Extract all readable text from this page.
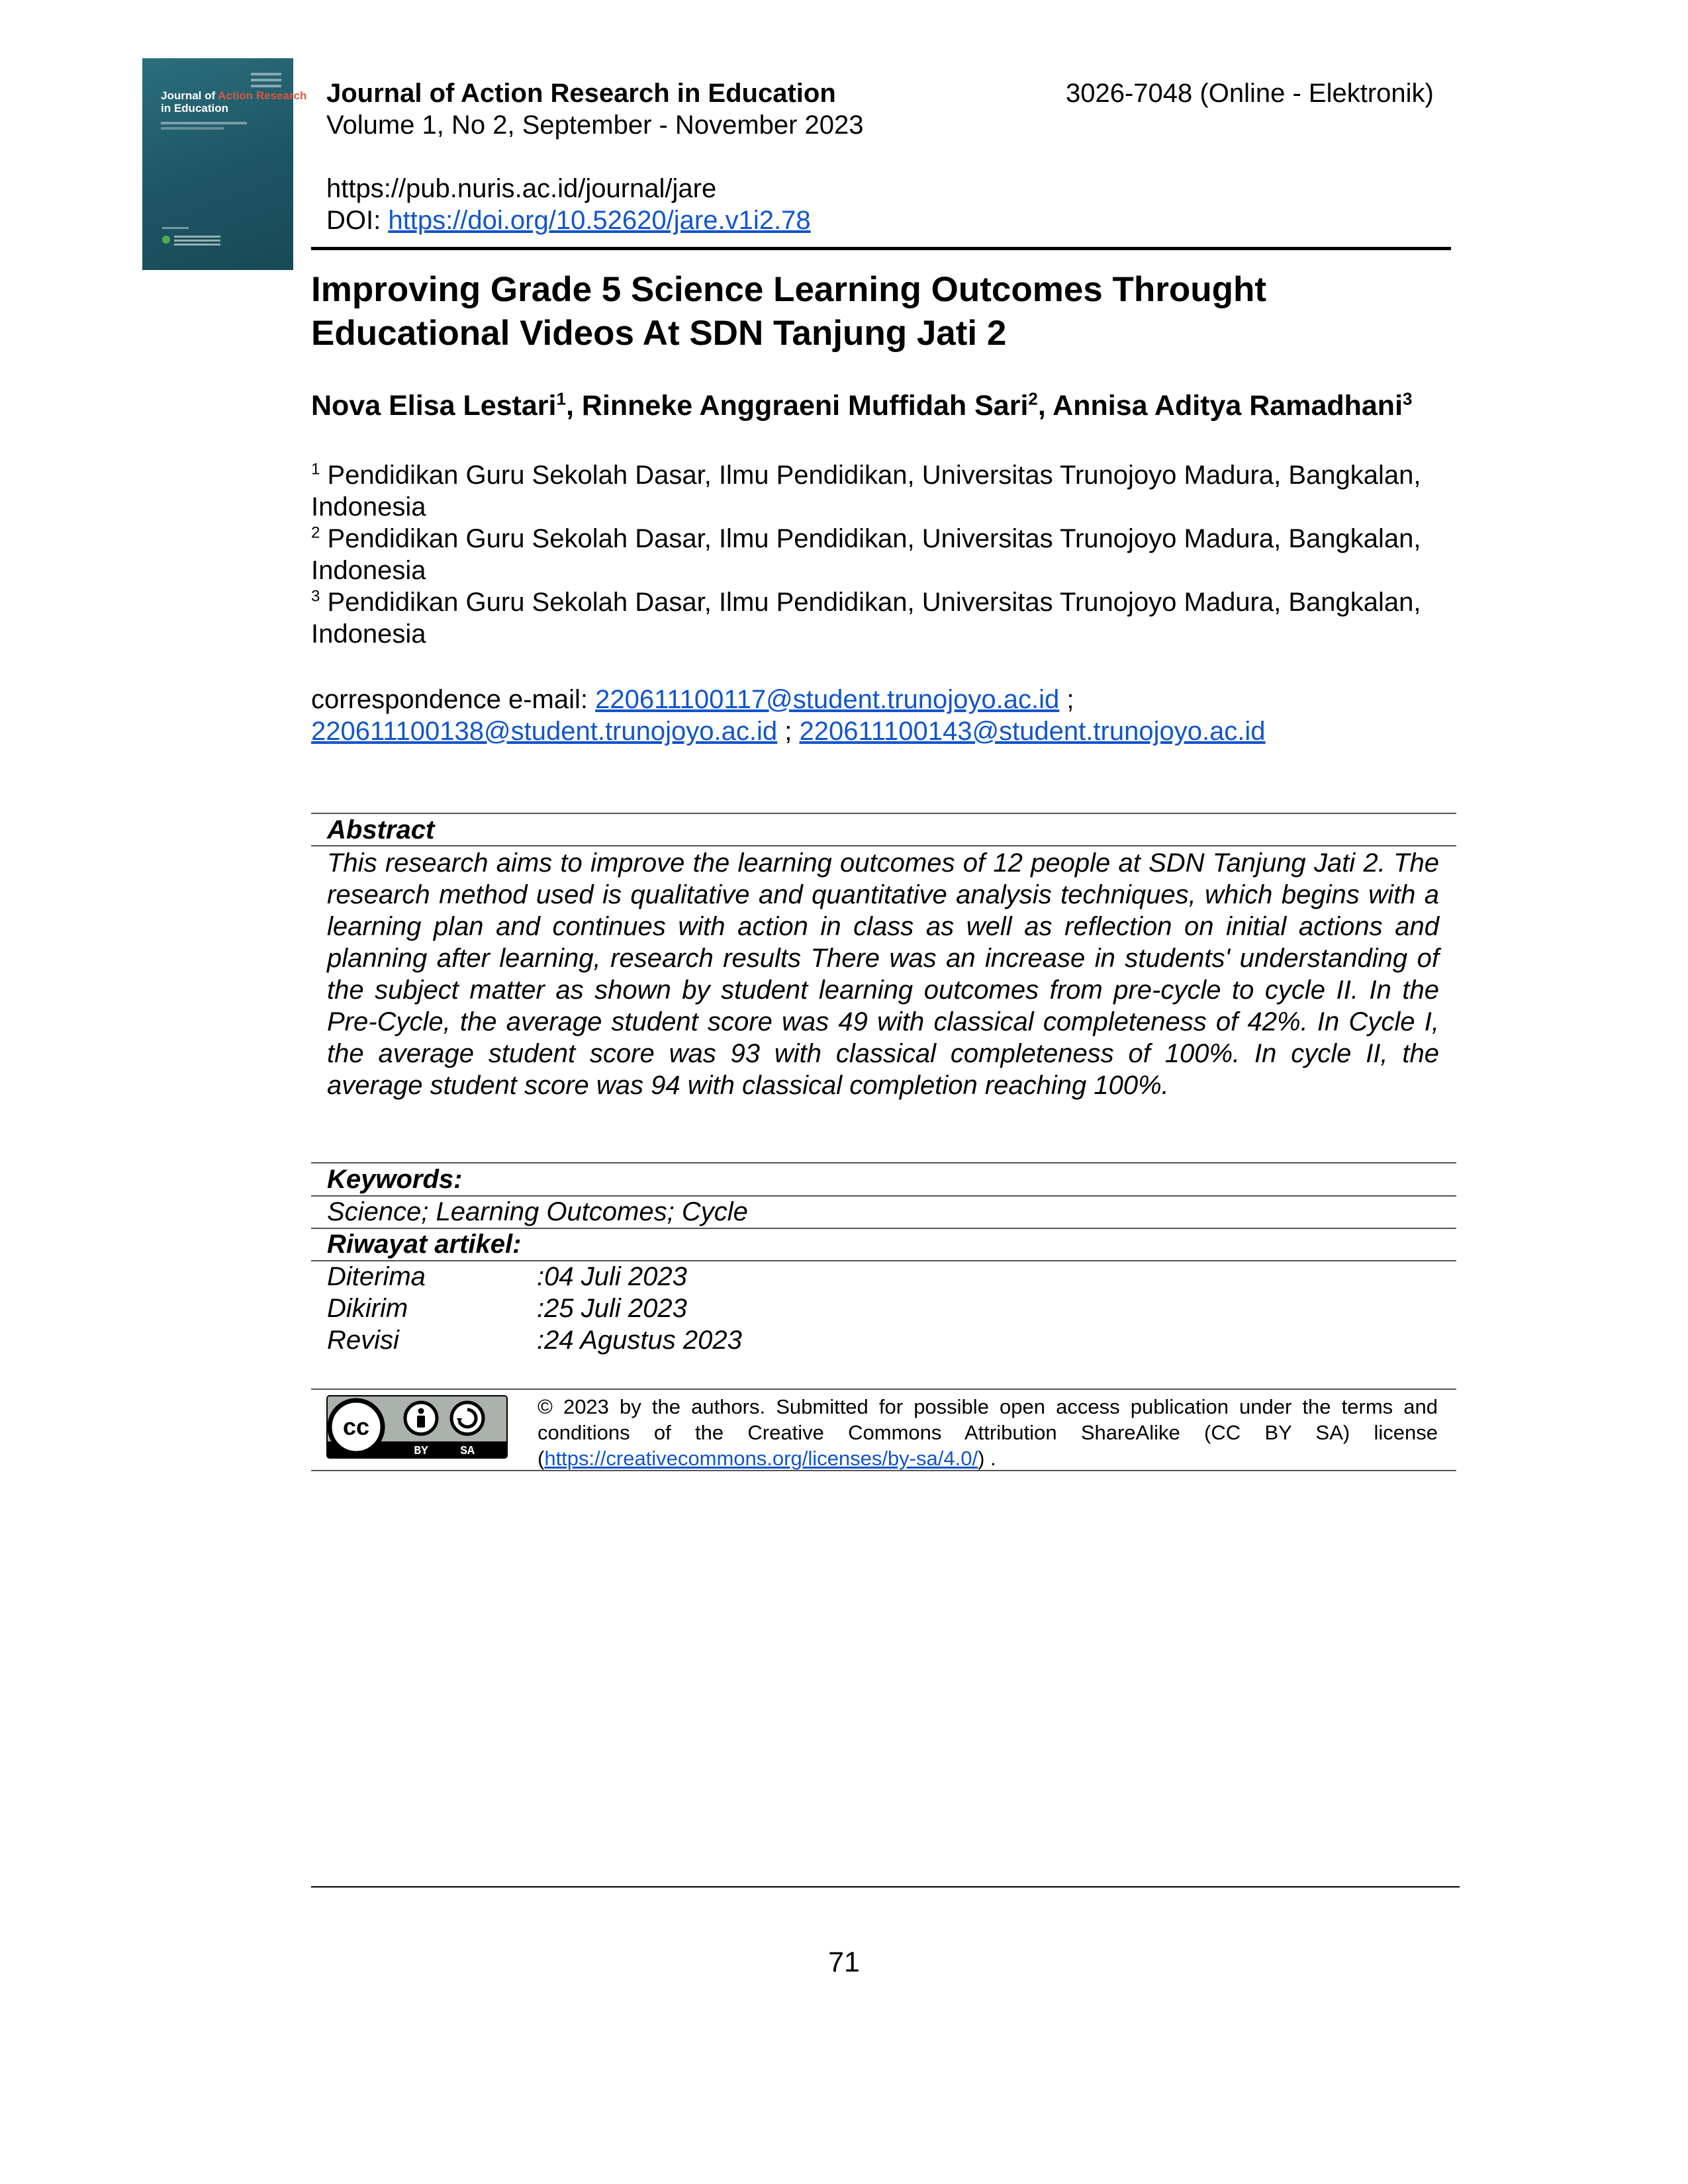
Journal of Action Research
in Education
Journal of Action Research in Education	3026-7048 (Online - Elektronik)
Volume 1, No 2, September - November 2023
https://pub.nuris.ac.id/journal/jare
DOI: https://doi.org/10.52620/jare.v1i2.78
Improving Grade 5 Science Learning Outcomes Throught Educational Videos At SDN Tanjung Jati 2
Nova Elisa Lestari$^1$, Rinneke Anggraeni Muffidah Sari$^2$, Annisa Aditya Ramadhani$^3$
$^1$ Pendidikan Guru Sekolah Dasar, Ilmu Pendidikan, Universitas Trunojoyo Madura, Bangkalan, Indonesia
$^2$ Pendidikan Guru Sekolah Dasar, Ilmu Pendidikan, Universitas Trunojoyo Madura, Bangkalan, Indonesia
$^3$ Pendidikan Guru Sekolah Dasar, Ilmu Pendidikan, Universitas Trunojoyo Madura, Bangkalan, Indonesia
correspondence e-mail: 220611100117@student.trunojoyo.ac.id ;
220611100138@student.trunojoyo.ac.id ; 220611100143@student.trunojoyo.ac.id
Abstract
This research aims to improve the learning outcomes of 12 people at SDN Tanjung Jati 2. The research method used is qualitative and quantitative analysis techniques, which begins with a learning plan and continues with action in class as well as reflection on initial actions and planning after learning, research results There was an increase in students' understanding of the subject matter as shown by student learning outcomes from pre-cycle to cycle II. In the Pre-Cycle, the average student score was 49 with classical completeness of 42%. In Cycle I, the average student score was 93 with classical completeness of 100%. In cycle II, the average student score was 94 with classical completion reaching 100%.
Keywords:
Science; Learning Outcomes; Cycle
Riwayat artikel:
Diterima	:04 Juli 2023
Dikirim	:25 Juli 2023
Revisi	:24 Agustus 2023
cc
BY	SA
© 2023 by the authors. Submitted for possible open access publication under the terms and conditions of the Creative Commons Attribution ShareAlike (CC BY SA) license (https://creativecommons.org/licenses/by-sa/4.0/) .
71
